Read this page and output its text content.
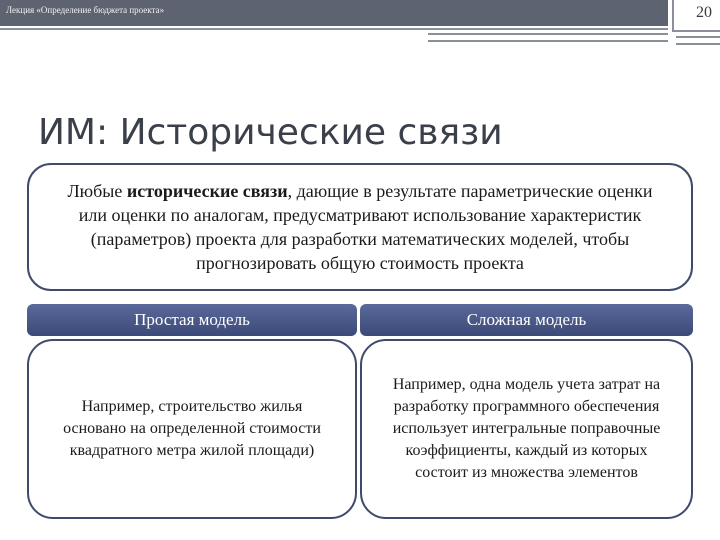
Лекция «Определение бюджета проекта»	20
ИМ: Исторические связи

Любые исторические связи, дающие в результате параметрические оценки или оценки по аналогам, предусматривают использование характеристик (параметров) проекта для разработки математических моделей, чтобы прогнозировать общую стоимость проекта

Простая модель	Сложная модель

Например, строительство жилья основано на определенной стоимости квадратного метра жилой площади)

Например, одна модель учета затрат на разработку программного обеспечения использует интегральные поправочные коэффициенты, каждый из которых состоит из множества элементов
